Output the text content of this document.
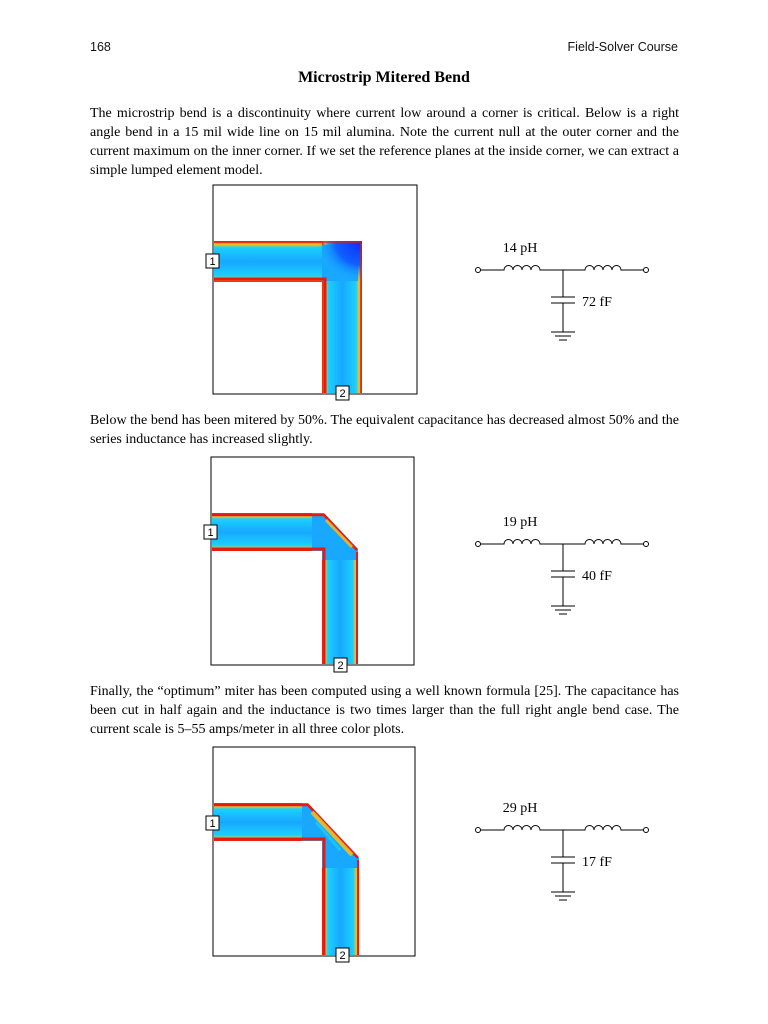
168	Field-Solver Course
Microstrip Mitered Bend

The microstrip bend is a discontinuity where current low around a corner is critical. Below is a right angle bend in a 15 mil wide line on 15 mil alumina. Note the current null at the outer corner and the current maximum on the inner corner. If we set the reference planes at the inside corner, we can extract a simple lumped element model.

Below the bend has been mitered by 50%. The equivalent capacitance has decreased almost 50% and the series inductance has increased slightly.

Finally, the “optimum” miter has been computed using a well known formula [25]. The capacitance has been cut in half again and the inductance is two times larger than the full right angle bend case. The current scale is 5–55 amps/meter in all three color plots.

1
2
14 pH
72 fF
1
2
19 pH
40 fF
1
2
29 pH
17 fF
